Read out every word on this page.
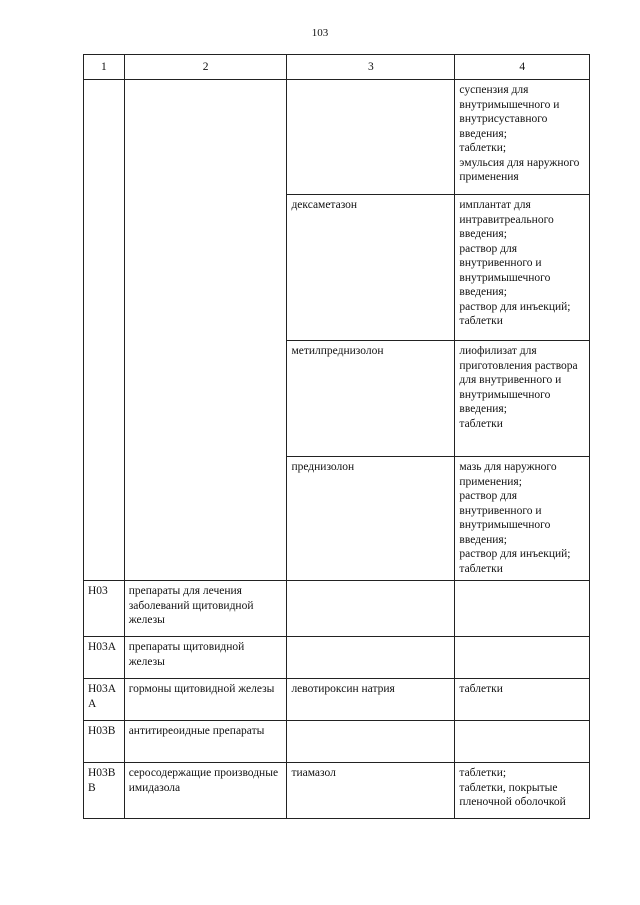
103
1	2	3	4
			суспензия для внутримышечного и внутрисуставного введения;
таблетки;
эмульсия для наружного применения
		дексаметазон	имплантат для интравитреального введения;
раствор для внутривенного и внутримышечного введения;
раствор для инъекций;
таблетки
		метилпреднизолон	лиофилизат для приготовления раствора для внутривенного и внутримышечного введения;
таблетки
		преднизолон	мазь для наружного применения;
раствор для внутривенного и внутримышечного введения;
раствор для инъекций;
таблетки
H03	препараты для лечения заболеваний щитовидной железы		
H03A	препараты щитовидной железы		
H03AA	гормоны щитовидной железы	левотироксин натрия	таблетки
H03B	антитиреоидные препараты		
H03BB	серосодержащие производные имидазола	тиамазол	таблетки;
таблетки, покрытые пленочной оболочкой
